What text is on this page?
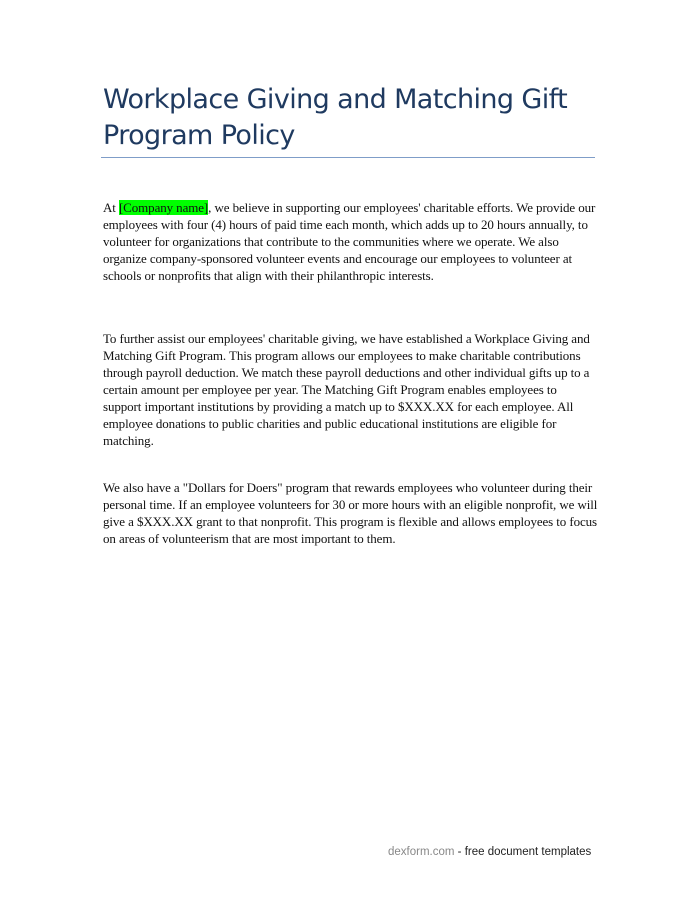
Workplace Giving and Matching Gift Program Policy

At [Company name], we believe in supporting our employees' charitable efforts. We provide our employees with four (4) hours of paid time each month, which adds up to 20 hours annually, to volunteer for organizations that contribute to the communities where we operate. We also organize company-sponsored volunteer events and encourage our employees to volunteer at schools or nonprofits that align with their philanthropic interests.

To further assist our employees' charitable giving, we have established a Workplace Giving and Matching Gift Program. This program allows our employees to make charitable contributions through payroll deduction. We match these payroll deductions and other individual gifts up to a certain amount per employee per year. The Matching Gift Program enables employees to support important institutions by providing a match up to $XXX.XX for each employee. All employee donations to public charities and public educational institutions are eligible for matching.

We also have a "Dollars for Doers" program that rewards employees who volunteer during their personal time. If an employee volunteers for 30 or more hours with an eligible nonprofit, we will give a $XXX.XX grant to that nonprofit. This program is flexible and allows employees to focus on areas of volunteerism that are most important to them.

dexform.com - free document templates
